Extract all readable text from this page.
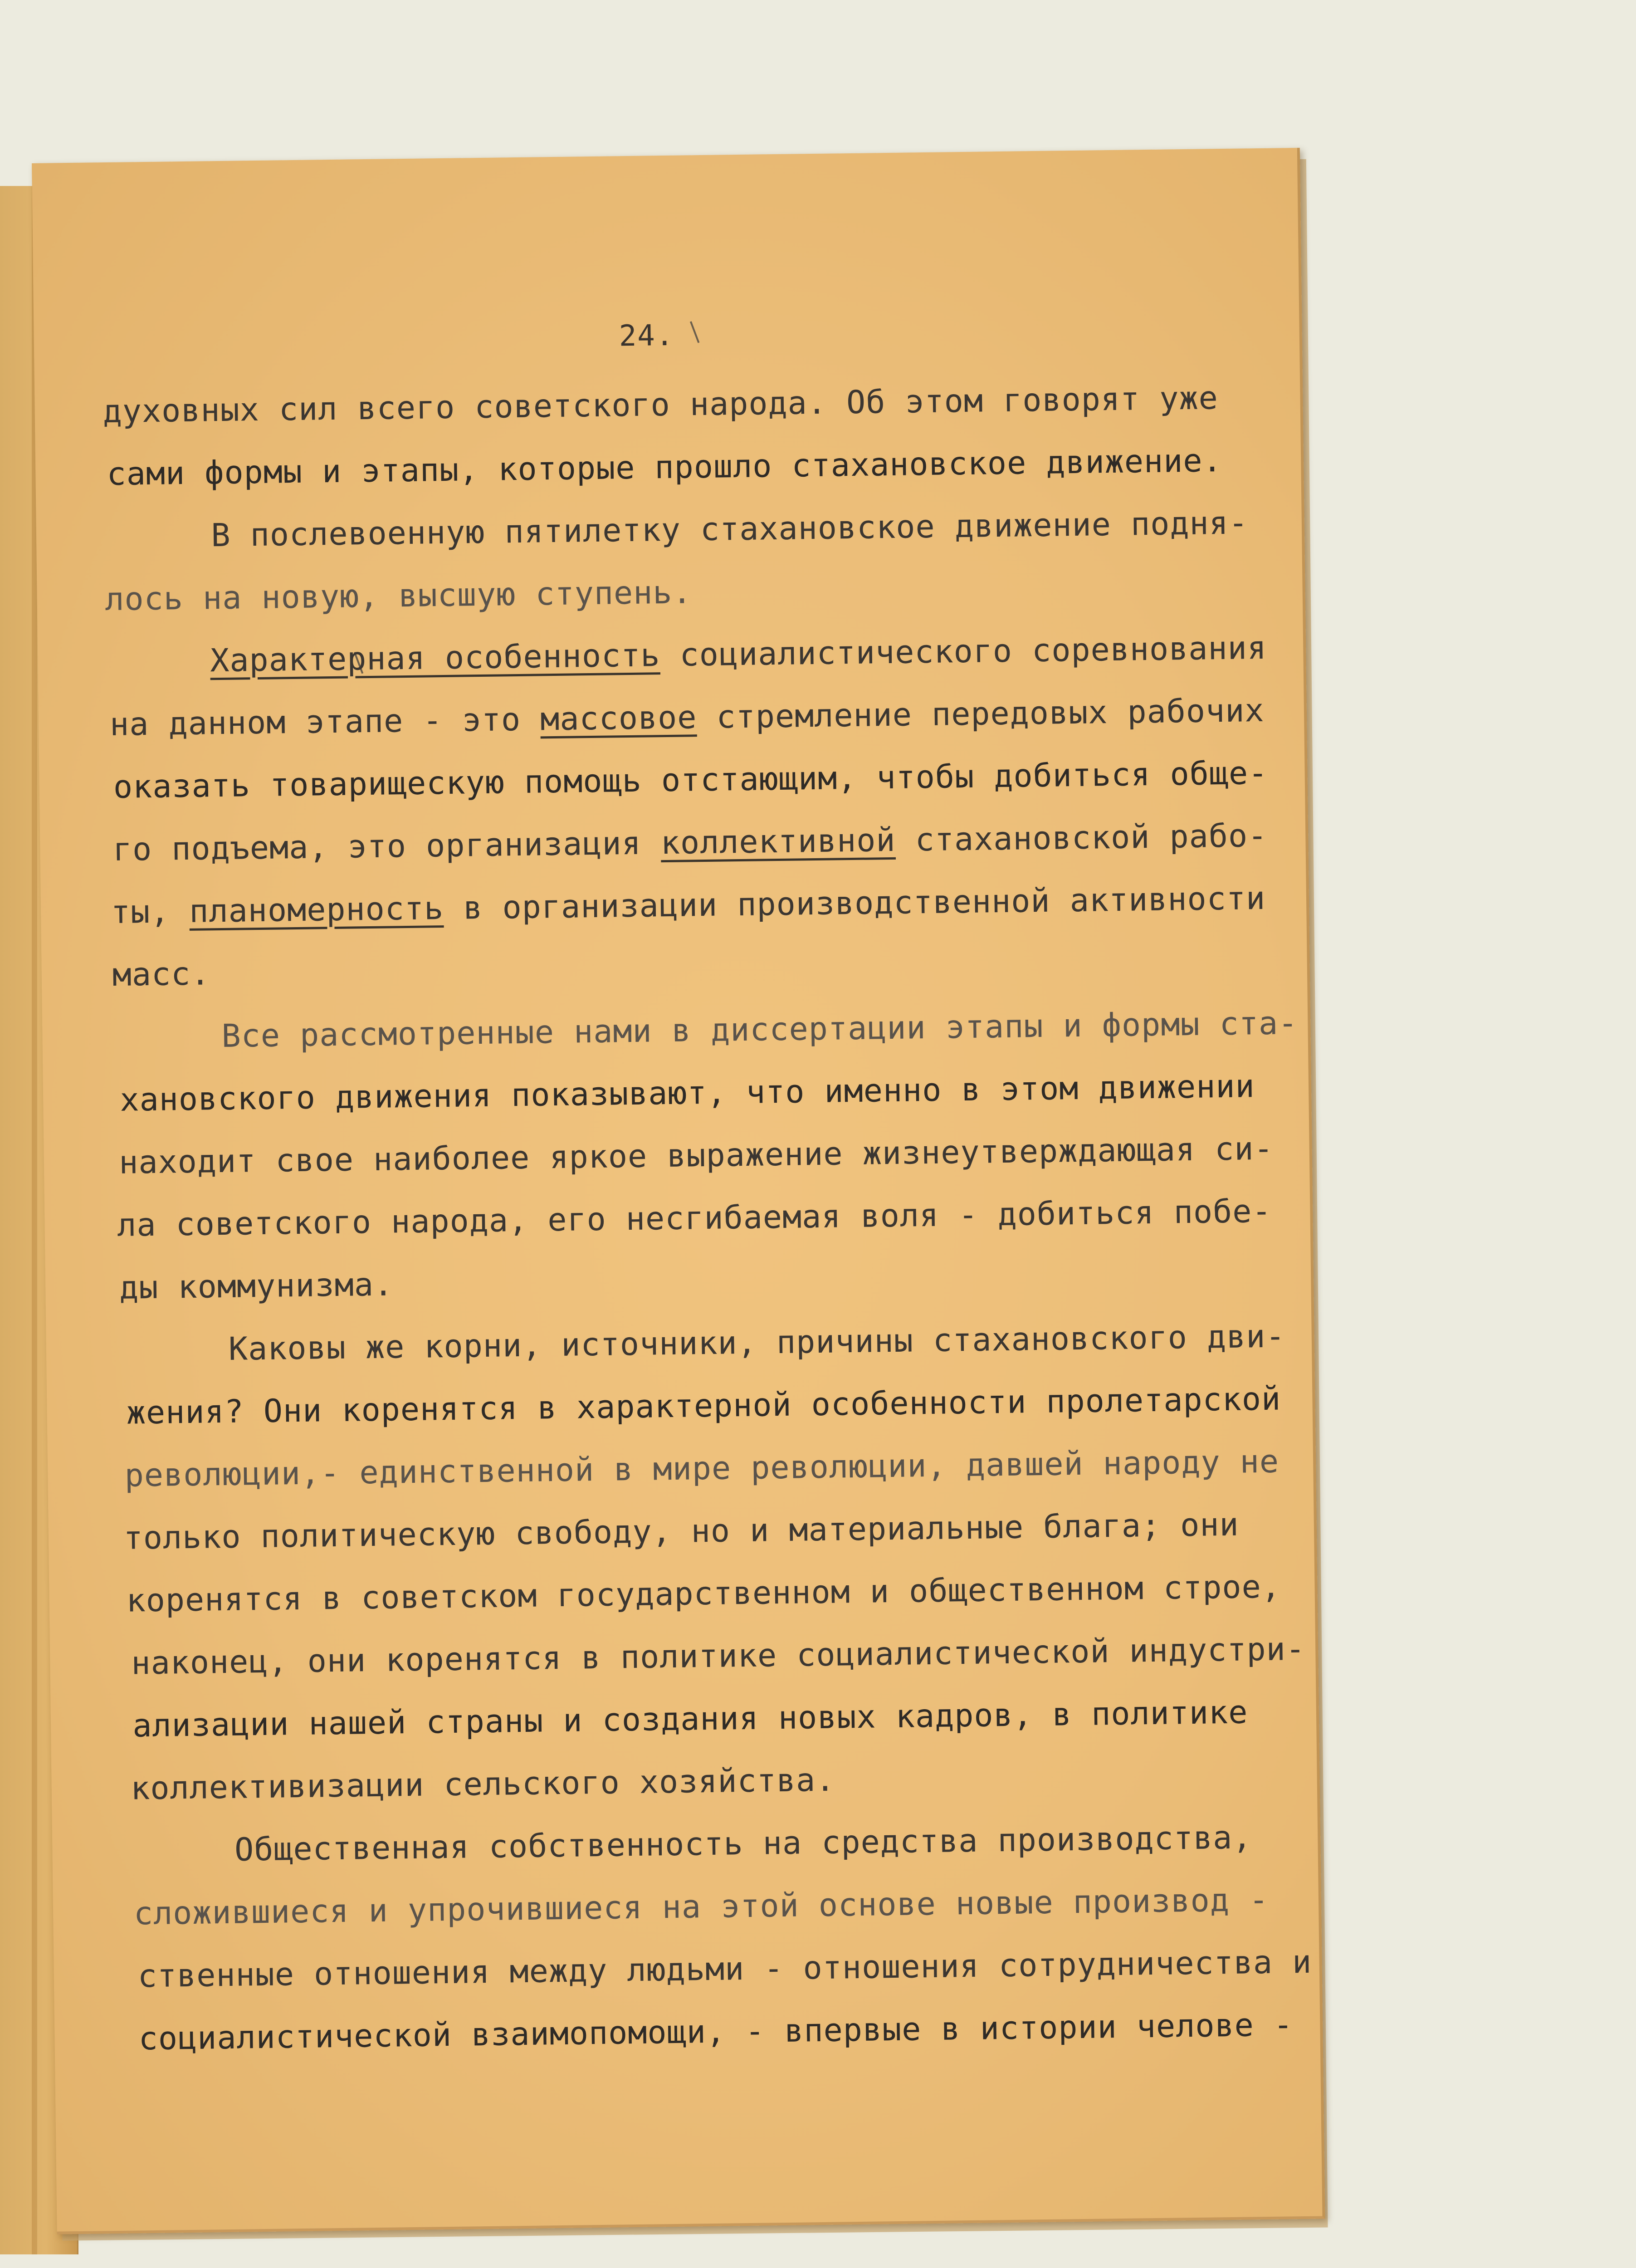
24.
духовных сил всего советского народа. Об этом говорят уже
сами формы и этапы, которые прошло стахановское движение.
В послевоенную пятилетку стахановское движение подня-
лось на новую, высшую ступень.
Характерная особенность социалистического соревнования
на данном этапе - это массовое стремление передовых рабочих
оказать товарищескую помощь отстающим, чтобы добиться обще-
го подъема, это организация коллективной стахановской рабо-
ты, планомерность в организации производственной активности
масс.
Все рассмотренные нами в диссертации этапы и формы ста-
хановского движения показывают, что именно в этом движении
находит свое наиболее яркое выражение жизнеутверждающая си-
ла советского народа, его несгибаемая воля - добиться побе-
ды коммунизма.
Каковы же корни, источники, причины стахановского дви-
жения? Они коренятся в характерной особенности пролетарской
революции,- единственной в мире революции, давшей народу не
только политическую свободу, но и материальные блага; они
коренятся в советском государственном и общественном строе,
наконец, они коренятся в политике социалистической индустри-
ализации нашей страны и создания новых кадров, в политике
коллективизации сельского хозяйства.
Общественная собственность на средства производства,
сложившиеся и упрочившиеся на этой основе новые производ -
ственные отношения между людьми - отношения сотрудничества и
социалистической взаимопомощи, - впервые в истории челове -
